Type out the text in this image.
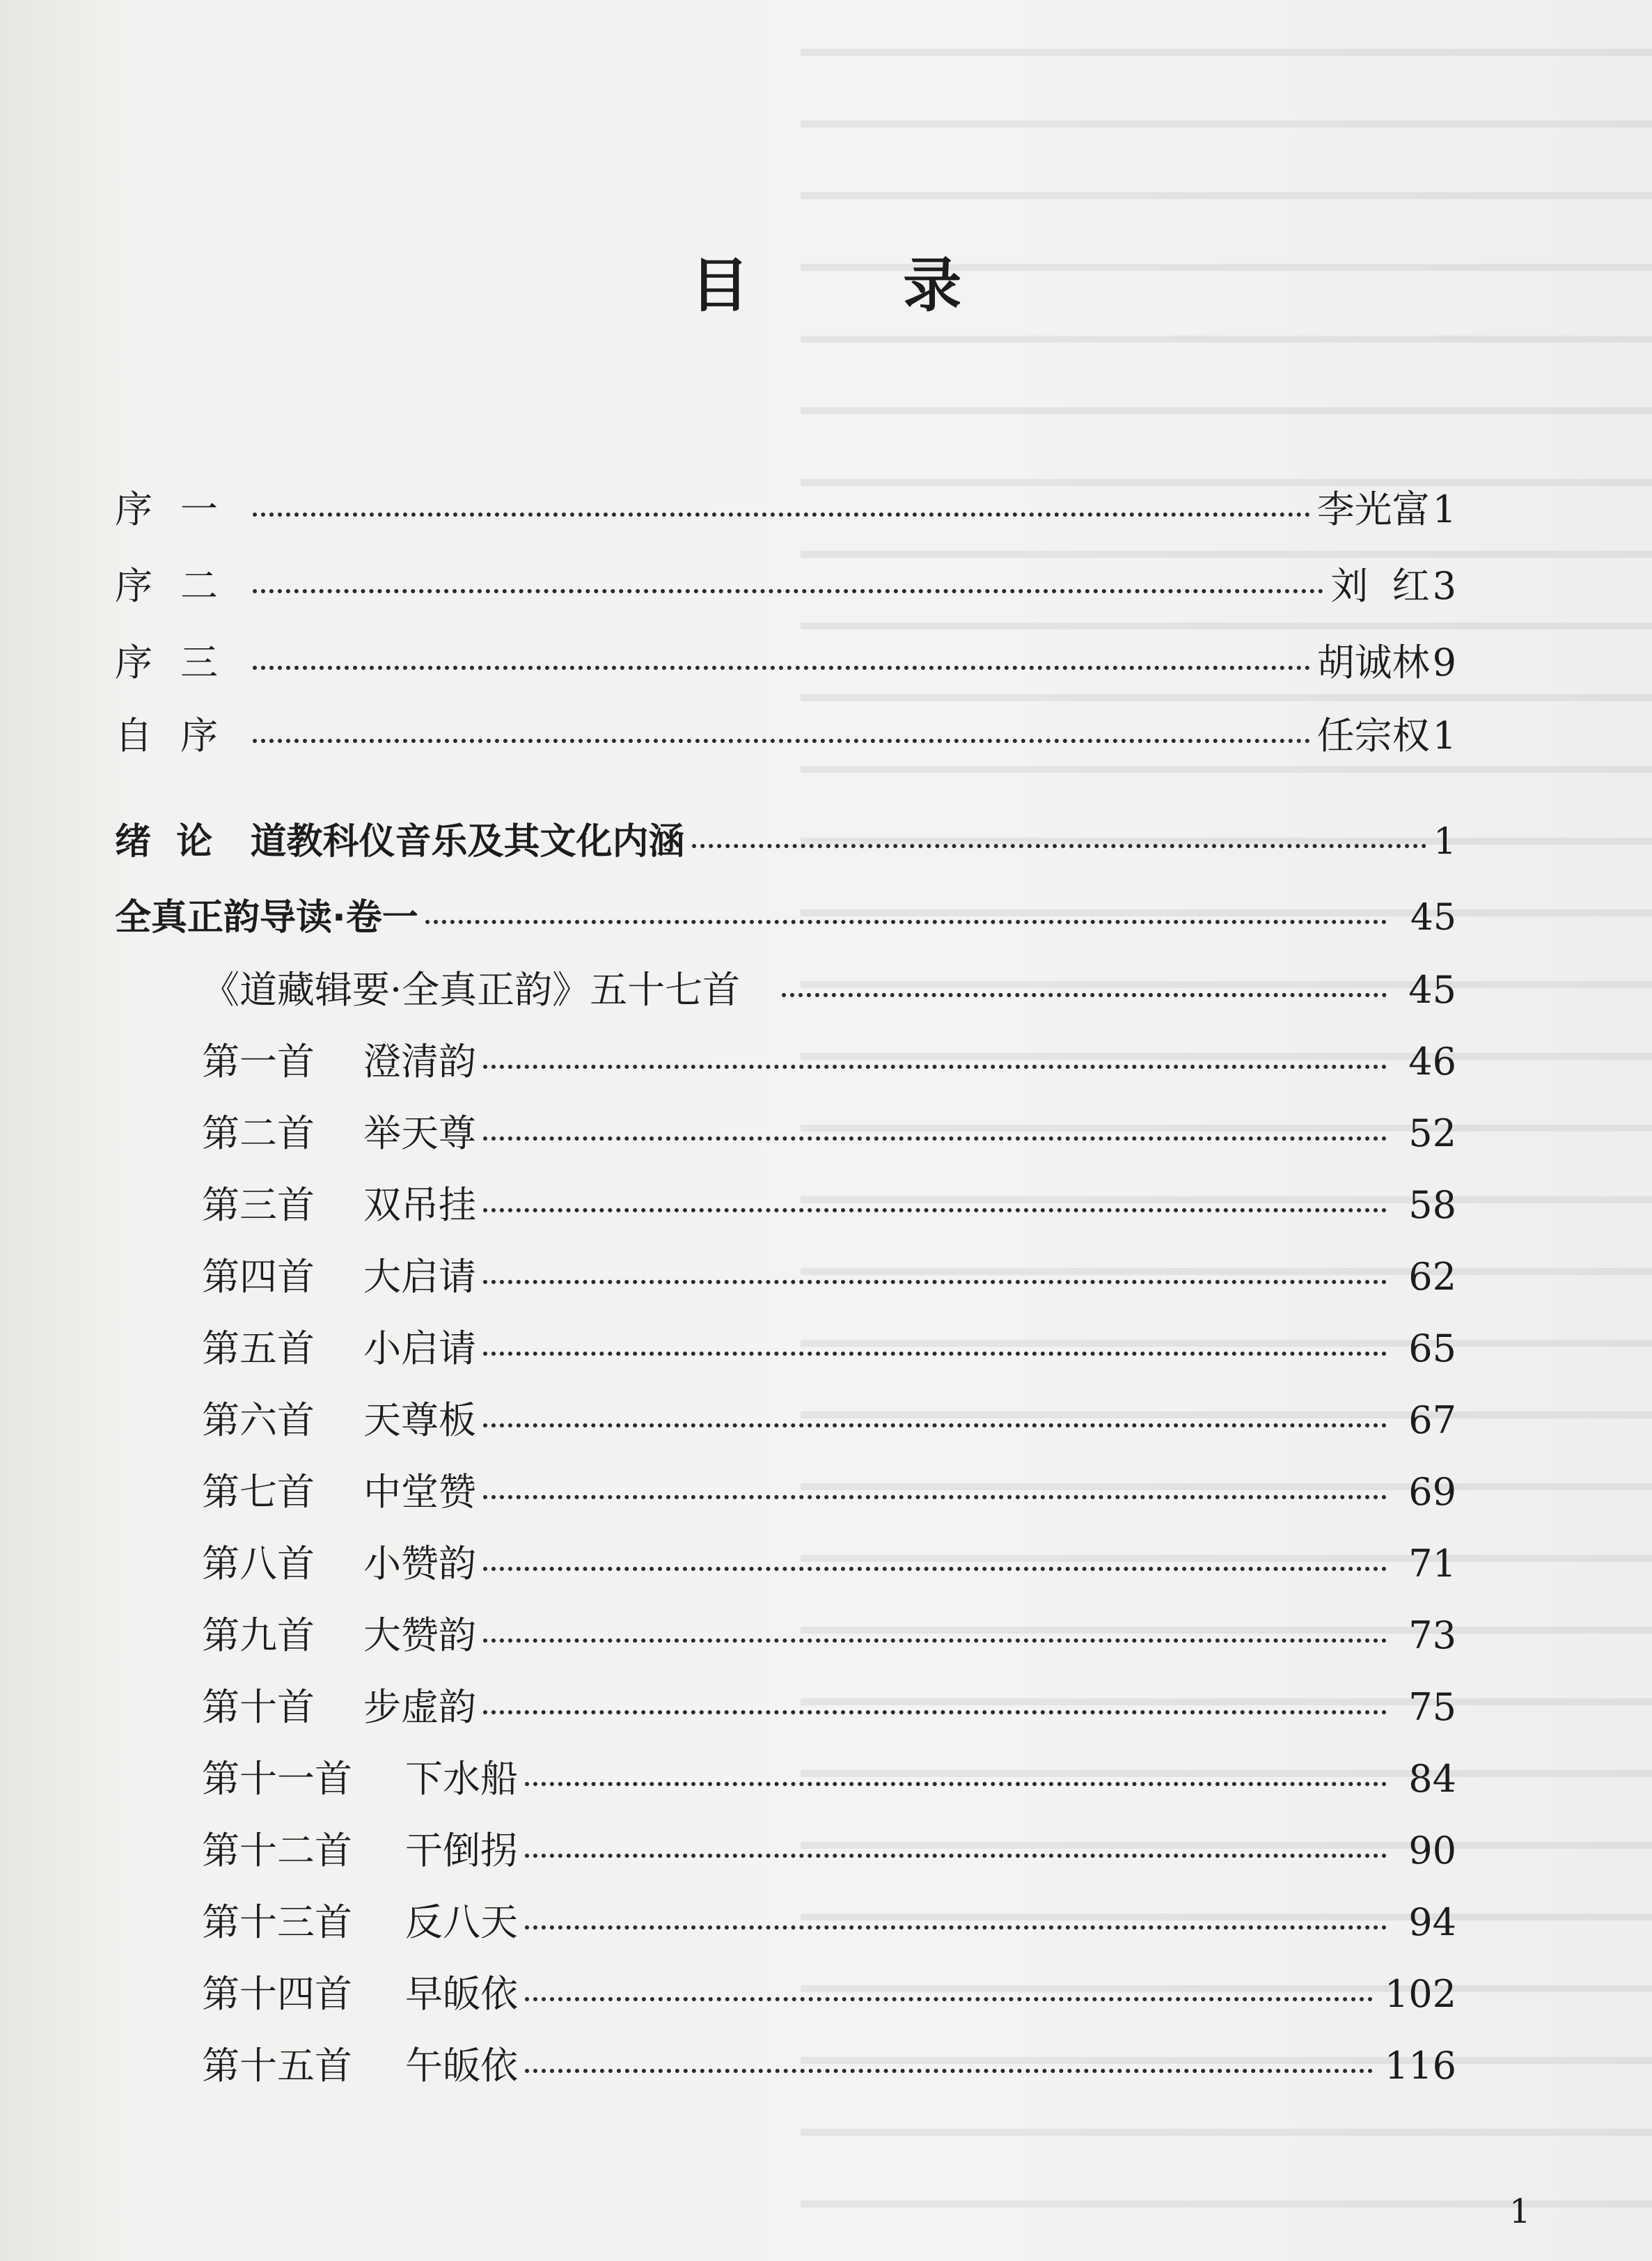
目 录
序一	李光富 1
序二	刘  红 3
序三	胡诚林 9
自序	任宗权 1
绪  论   道教科仪音乐及其文化内涵	1
全真正韵导读·卷一	45
《道藏辑要·全真正韵》五十七首	45
第一首 澄清韵	46
第二首 举天尊	52
第三首 双吊挂	58
第四首 大启请	62
第五首 小启请	65
第六首 天尊板	67
第七首 中堂赞	69
第八首 小赞韵	71
第九首 大赞韵	73
第十首 步虚韵	75
第十一首 下水船	84
第十二首 干倒拐	90
第十三首 反八天	94
第十四首 早皈依	102
第十五首 午皈依	116
1
